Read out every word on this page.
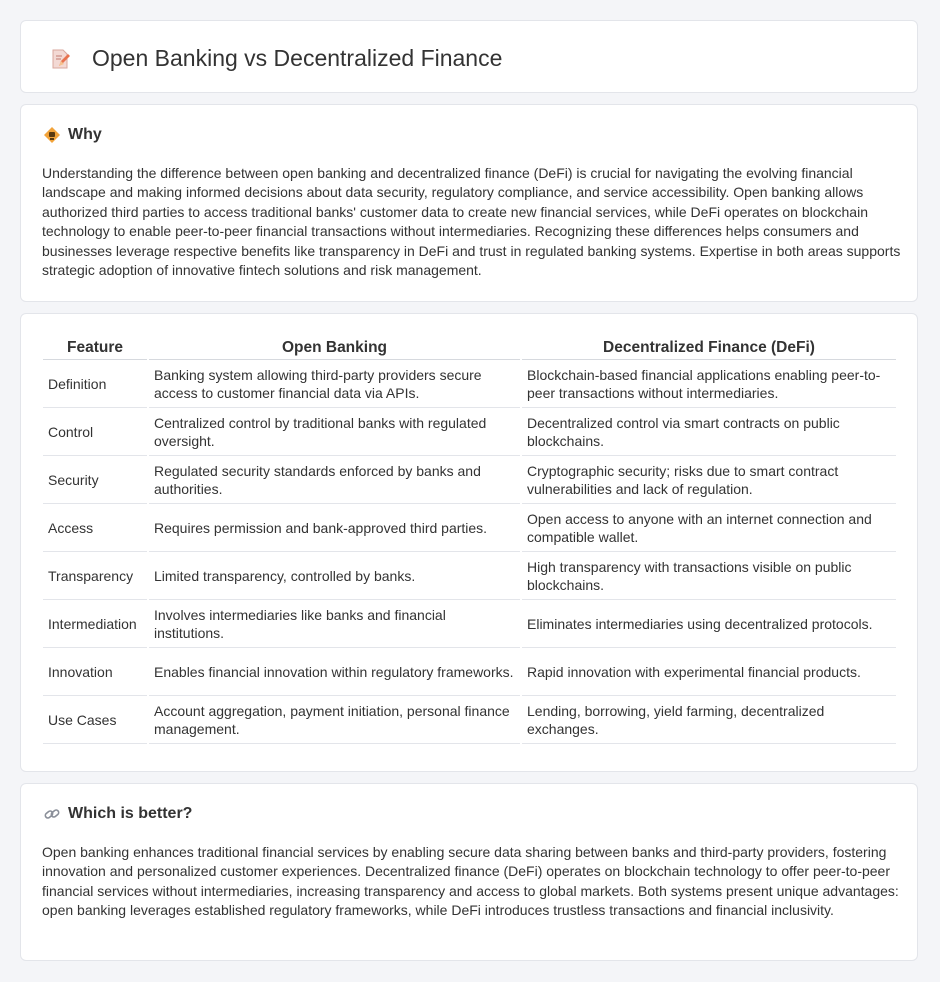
Open Banking vs Decentralized Finance
Why

Understanding the difference between open banking and decentralized finance (DeFi) is crucial for navigating the evolving financial landscape and making informed decisions about data security, regulatory compliance, and service accessibility. Open banking allows authorized third parties to access traditional banks' customer data to create new financial services, while DeFi operates on blockchain technology to enable peer-to-peer financial transactions without intermediaries. Recognizing these differences helps consumers and businesses leverage respective benefits like transparency in DeFi and trust in regulated banking systems. Expertise in both areas supports strategic adoption of innovative fintech solutions and risk management.

Feature	Open Banking	Decentralized Finance (DeFi)
Definition	Banking system allowing third-party providers secure access to customer financial data via APIs.	Blockchain-based financial applications enabling peer-to-peer transactions without intermediaries.
Control	Centralized control by traditional banks with regulated oversight.	Decentralized control via smart contracts on public blockchains.
Security	Regulated security standards enforced by banks and authorities.	Cryptographic security; risks due to smart contract vulnerabilities and lack of regulation.
Access	Requires permission and bank-approved third parties.	Open access to anyone with an internet connection and compatible wallet.
Transparency	Limited transparency, controlled by banks.	High transparency with transactions visible on public blockchains.
Intermediation	Involves intermediaries like banks and financial institutions.	Eliminates intermediaries using decentralized protocols.
Innovation	Enables financial innovation within regulatory frameworks.	Rapid innovation with experimental financial products.
Use Cases	Account aggregation, payment initiation, personal finance management.	Lending, borrowing, yield farming, decentralized exchanges.
Which is better?

Open banking enhances traditional financial services by enabling secure data sharing between banks and third-party providers, fostering innovation and personalized customer experiences. Decentralized finance (DeFi) operates on blockchain technology to offer peer-to-peer financial services without intermediaries, increasing transparency and access to global markets. Both systems present unique advantages: open banking leverages established regulatory frameworks, while DeFi introduces trustless transactions and financial inclusivity.
